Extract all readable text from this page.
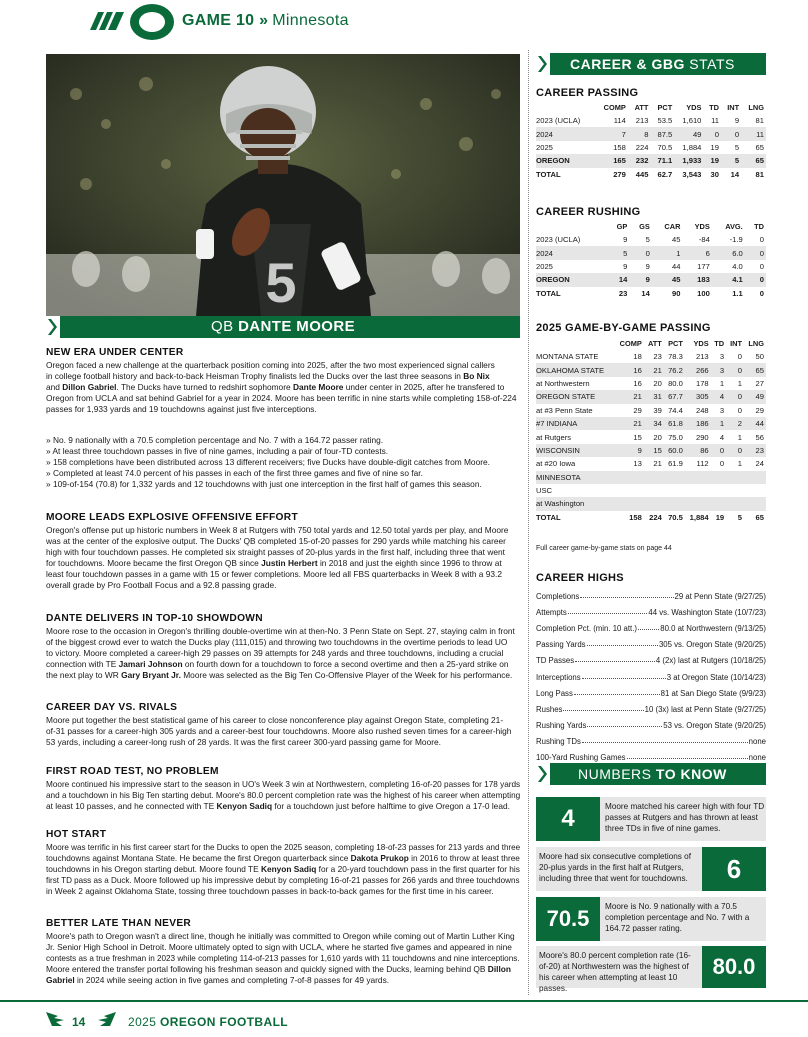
GAME 10 » Minnesota
5
QB DANTE MOORE
NEW ERA UNDER CENTER
Oregon faced a new challenge at the quarterback position coming into 2025, after the two most experienced signal callers
in college football history and back-to-back Heisman Trophy finalists led the Ducks over the last three seasons in Bo Nix
and Dillon Gabriel. The Ducks have turned to redshirt sophomore Dante Moore under center in 2025, after he transfered to
Oregon from UCLA and sat behind Gabriel for a year in 2024. Moore has been terrific in nine starts while completing 158-of-224
passes for 1,933 yards and 19 touchdowns against just five interceptions.
» No. 9 nationally with a 70.5 completion percentage and No. 7 with a 164.72 passer rating.
» At least three touchdown passes in five of nine games, including a pair of four-TD contests.
» 158 completions have been distributed across 13 different receivers; five Ducks have double-digit catches from Moore.
» Completed at least 74.0 percent of his passes in each of the first three games and five of nine so far.
» 109-of-154 (70.8) for 1,332 yards and 12 touchdowns with just one interception in the first half of games this season.
MOORE LEADS EXPLOSIVE OFFENSIVE EFFORT
Oregon's offense put up historic numbers in Week 8 at Rutgers with 750 total yards and 12.50 total yards per play, and Moore
was at the center of the explosive output. The Ducks' QB completed 15-of-20 passes for 290 yards while matching his career
high with four touchdown passes. He completed six straight passes of 20-plus yards in the first half, including three that went
for touchdowns. Moore became the first Oregon QB since Justin Herbert in 2018 and just the eighth since 1996 to throw at
least four touchdown passes in a game with 15 or fewer completions. Moore led all FBS quarterbacks in Week 8 with a 93.2
overall grade by Pro Football Focus and a 92.8 passing grade.
DANTE DELIVERS IN TOP-10 SHOWDOWN
Moore rose to the occasion in Oregon's thrilling double-overtime win at then-No. 3 Penn State on Sept. 27, staying calm in front
of the biggest crowd ever to watch the Ducks play (111,015) and throwing two touchdowns in the overtime periods to lead UO
to victory. Moore completed a career-high 29 passes on 39 attempts for 248 yards and three touchdowns, including a crucial
connection with TE Jamari Johnson on fourth down for a touchdown to force a second overtime and then a 25-yard strike on
the next play to WR Gary Bryant Jr. Moore was selected as the Big Ten Co-Offensive Player of the Week for his performance.
CAREER DAY VS. RIVALS
Moore put together the best statistical game of his career to close nonconference play against Oregon State, completing 21-
of-31 passes for a career-high 305 yards and a career-best four touchdowns. Moore also rushed seven times for a career-high
53 yards, including a career-long rush of 28 yards. It was the first career 300-yard passing game for Moore.
FIRST ROAD TEST, NO PROBLEM
Moore continued his impressive start to the season in UO's Week 3 win at Northwestern, completing 16-of-20 passes for 178 yards
and a touchdown in his Big Ten starting debut. Moore's 80.0 percent completion rate was the highest of his career when attempting
at least 10 passes, and he connected with TE Kenyon Sadiq for a touchdown just before halftime to give Oregon a 17-0 lead.
HOT START
Moore was terrific in his first career start for the Ducks to open the 2025 season, completing 18-of-23 passes for 213 yards and three
touchdowns against Montana State. He became the first Oregon quarterback since Dakota Prukop in 2016 to throw at least three
touchdowns in his Oregon starting debut. Moore found TE Kenyon Sadiq for a 20-yard touchdown pass in the first quarter for his
first TD pass as a Duck. Moore followed up his impressive debut by completing 16-of-21 passes for 266 yards and three touchdowns
in Week 2 against Oklahoma State, tossing three touchdown passes in back-to-back games for the first time in his career.
BETTER LATE THAN NEVER
Moore's path to Oregon wasn't a direct line, though he initially was committed to Oregon while coming out of Martin Luther King
Jr. Senior High School in Detroit. Moore ultimately opted to sign with UCLA, where he started five games and appeared in nine
contests as a true freshman in 2023 while completing 114-of-213 passes for 1,610 yards with 11 touchdowns and nine interceptions.
Moore entered the transfer portal following his freshman season and quickly signed with the Ducks, learning behind QB Dillon
Gabriel in 2024 while seeing action in five games and completing 7-of-8 passes for 49 yards.
CAREER & GBG STATS
CAREER PASSING
	COMP	ATT	PCT	YDS	TD	INT	LNG
2023 (UCLA)	114	213	53.5	1,610	11	9	81
2024	7	8	87.5	49	0	0	11
2025	158	224	70.5	1,884	19	5	65
OREGON	165	232	71.1	1,933	19	5	65
TOTAL	279	445	62.7	3,543	30	14	81
CAREER RUSHING
	GP	GS	CAR	YDS	AVG.	TD
2023 (UCLA)	9	5	45	-84	-1.9	0
2024	5	0	1	6	6.0	0
2025	9	9	44	177	4.0	0
OREGON	14	9	45	183	4.1	0
TOTAL	23	14	90	100	1.1	0
2025 GAME-BY-GAME PASSING
	COMP	ATT	PCT	YDS	TD	INT	LNG
MONTANA STATE	18	23	78.3	213	3	0	50
OKLAHOMA STATE	16	21	76.2	266	3	0	65
at Northwestern	16	20	80.0	178	1	1	27
OREGON STATE	21	31	67.7	305	4	0	49
at #3 Penn State	29	39	74.4	248	3	0	29
#7 INDIANA	21	34	61.8	186	1	2	44
at Rutgers	15	20	75.0	290	4	1	56
WISCONSIN	9	15	60.0	86	0	0	23
at #20 Iowa	13	21	61.9	112	0	1	24
MINNESOTA							
USC							
at Washington							
TOTAL	158	224	70.5	1,884	19	5	65
Full career game-by-game stats on page 44
CAREER HIGHS
Completions	29 at Penn State (9/27/25)
Attempts	44 vs. Washington State (10/7/23)
Completion Pct. (min. 10 att.)	80.0 at Northwestern (9/13/25)
Passing Yards	305 vs. Oregon State (9/20/25)
TD Passes	4 (2x) last at Rutgers (10/18/25)
Interceptions	3 at Oregon State (10/14/23)
Long Pass	81 at San Diego State (9/9/23)
Rushes	10 (3x) last at Penn State (9/27/25)
Rushing Yards	53 vs. Oregon State (9/20/25)
Rushing TDs	none
100-Yard Rushing Games	none
NUMBERS TO KNOW
4	Moore matched his career high with four TD passes at Rutgers and has thrown at least three TDs in five of nine games.
Moore had six consecutive completions of 20-plus yards in the first half at Rutgers, including three that went for touchdowns.	6
70.5	Moore is No. 9 nationally with a 70.5 completion percentage and No. 7 with a 164.72 passer rating.
Moore's 80.0 percent completion rate (16-of-20) at Northwestern was the highest of his career when attempting at least 10 passes.
80.0
14	2025 OREGON FOOTBALL
